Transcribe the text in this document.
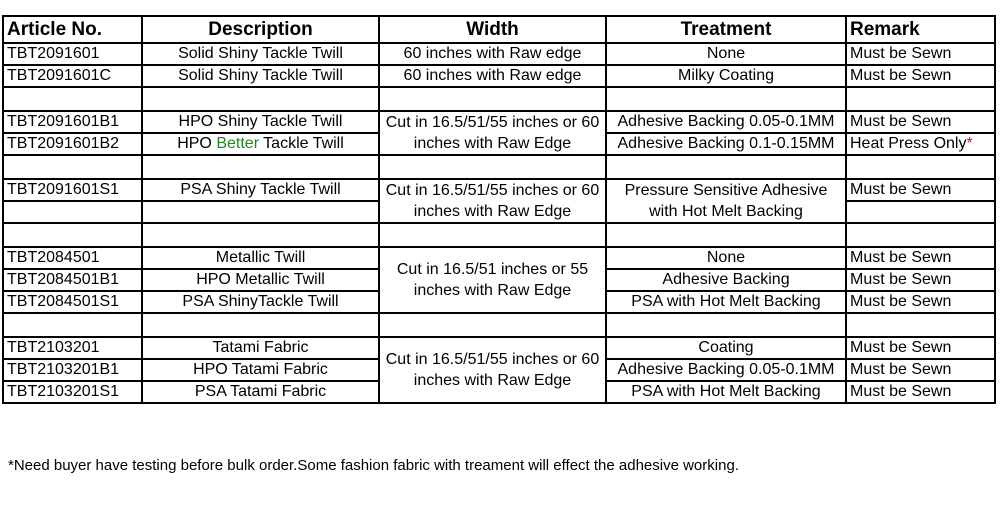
Article No.	Description	Width	Treatment	Remark
TBT2091601	Solid Shiny Tackle Twill	60 inches with Raw edge	None	Must be Sewn
TBT2091601C	Solid Shiny Tackle Twill	60 inches with Raw edge	Milky Coating	Must be Sewn

TBT2091601B1	HPO Shiny Tackle Twill	Cut in 16.5/51/55 inches or 60 inches with Raw Edge	Adhesive Backing 0.05-0.1MM	Must be Sewn
TBT2091601B2	HPO Better Tackle Twill		Adhesive Backing 0.1-0.15MM	Heat Press Only*

TBT2091601S1	PSA Shiny Tackle Twill	Cut in 16.5/51/55 inches or 60 inches with Raw Edge	Pressure Sensitive Adhesive with Hot Melt Backing	Must be Sewn

TBT2084501	Metallic Twill	Cut in 16.5/51 inches or 55 inches with Raw Edge	None	Must be Sewn
TBT2084501B1	HPO Metallic Twill		Adhesive Backing	Must be Sewn
TBT2084501S1	PSA ShinyTackle Twill		PSA with Hot Melt Backing	Must be Sewn

TBT2103201	Tatami Fabric	Cut in 16.5/51/55 inches or 60 inches with Raw Edge	Coating	Must be Sewn
TBT2103201B1	HPO Tatami Fabric		Adhesive Backing 0.05-0.1MM	Must be Sewn
TBT2103201S1	PSA Tatami Fabric		PSA with Hot Melt Backing	Must be Sewn
*Need buyer have testing before bulk order.Some fashion fabric with treament will effect the adhesive working.
